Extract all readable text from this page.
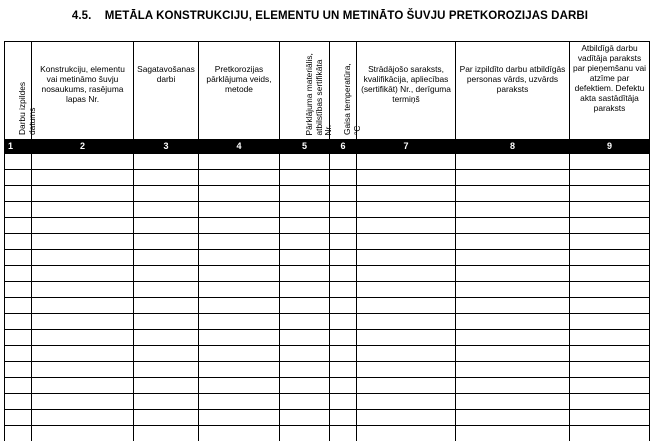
4.5. METĀLA KONSTRUKCIJU, ELEMENTU UN METINĀTO ŠUVJU PRETKOROZIJAS DARBI
Darbu izpildes datums	Konstrukciju, elementu vai metināmo šuvju nosaukums, rasējuma lapas Nr.	Sagatavošanas darbi	Pretkorozijas pārklājuma veids, metode	Pārklājuma materiālis, atbilstības sertifikāta Nr.	Gaisa temperatūra, °C	Strādājošo saraksts, kvalifikācija, apliecības (sertifikāt) Nr., derīguma termiņš	Par izpildīto darbu atbildīgās personas vārds, uzvārds paraksts	Atbildīgā darbu vadītāja paraksts par pieņemšanu vai atzīme par defektiem. Defektu akta sastādītāja paraksts

1	2	3	4	5	6	7	8	9
